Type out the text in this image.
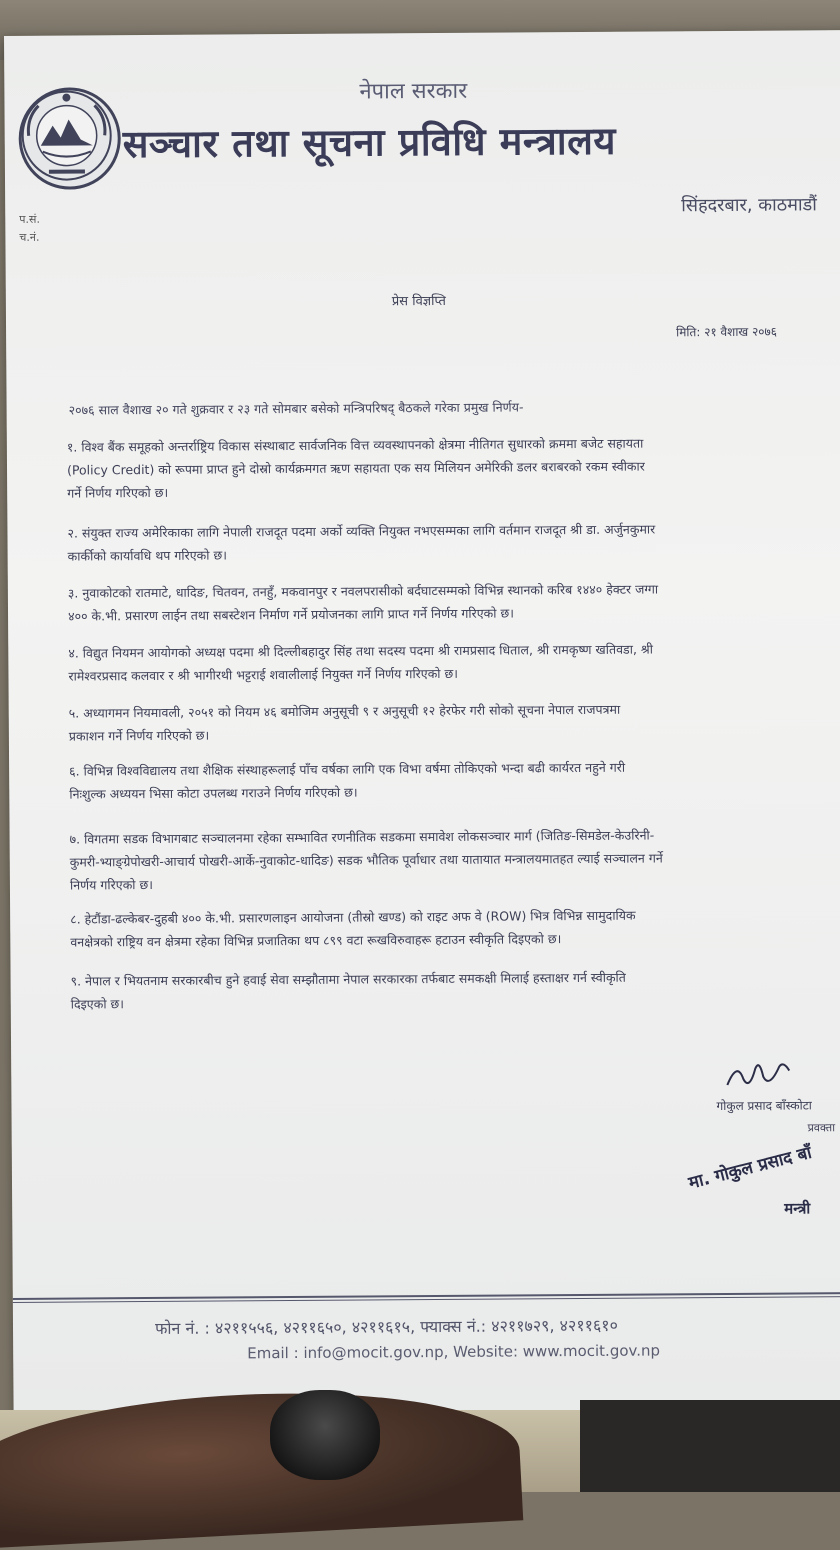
नेपाल सरकार
सञ्चार तथा सूचना प्रविधि मन्त्रालय
प.सं.
च.नं.
सिंहदरबार, काठमाडौं
प्रेस विज्ञप्ति
मिति: २१ वैशाख २०७६
२०७६ साल वैशाख २० गते शुक्रवार र २३ गते सोमबार बसेको मन्त्रिपरिषद् बैठकले गरेका प्रमुख निर्णय-
१. विश्व बैंक समूहको अन्तर्राष्ट्रिय विकास संस्थाबाट सार्वजनिक वित्त व्यवस्थापनको क्षेत्रमा नीतिगत सुधारको क्रममा बजेट सहायता
(Policy Credit) को रूपमा प्राप्त हुने दोस्रो कार्यक्रमगत ऋण सहायता एक सय मिलियन अमेरिकी डलर बराबरको रकम स्वीकार
गर्ने निर्णय गरिएको छ।
२. संयुक्त राज्य अमेरिकाका लागि नेपाली राजदूत पदमा अर्को व्यक्ति नियुक्त नभएसम्मका लागि वर्तमान राजदूत श्री डा. अर्जुनकुमार
कार्कीको कार्यावधि थप गरिएको छ।
३. नुवाकोटको रातमाटे, धादिङ, चितवन, तनहुँ, मकवानपुर र नवलपरासीको बर्दघाटसम्मको विभिन्न स्थानको करिब १४४० हेक्टर जग्गा
४०० के.भी. प्रसारण लाईन तथा सबस्टेशन निर्माण गर्ने प्रयोजनका लागि प्राप्त गर्ने निर्णय गरिएको छ।
४. विद्युत नियमन आयोगको अध्यक्ष पदमा श्री दिल्लीबहादुर सिंह तथा सदस्य पदमा श्री रामप्रसाद धिताल, श्री रामकृष्ण खतिवडा, श्री
रामेश्वरप्रसाद कलवार र श्री भागीरथी भट्टराई शवालीलाई नियुक्त गर्ने निर्णय गरिएको छ।
५. अध्यागमन नियमावली, २०५१ को नियम ४६ बमोजिम अनुसूची ९ र अनुसूची १२ हेरफेर गरी सोको सूचना नेपाल राजपत्रमा
प्रकाशन गर्ने निर्णय गरिएको छ।
६. विभिन्न विश्वविद्यालय तथा शैक्षिक संस्थाहरूलाई पाँच वर्षका लागि एक विभा वर्षमा तोकिएको भन्दा बढी कार्यरत नहुने गरी
निःशुल्क अध्ययन भिसा कोटा उपलब्ध गराउने निर्णय गरिएको छ।
७. विगतमा सडक विभागबाट सञ्चालनमा रहेका सम्भावित रणनीतिक सडकमा समावेश लोकसञ्चार मार्ग (जितिङ-सिमडेल-केउरिनी-
कुमरी-भ्याङ्ग्रेपोखरी-आचार्य पोखरी-आर्के-नुवाकोट-धादिङ) सडक भौतिक पूर्वाधार तथा यातायात मन्त्रालयमातहत ल्याई सञ्चालन गर्ने
निर्णय गरिएको छ।
८. हेटौंडा-ढल्केबर-दुहबी ४०० के.भी. प्रसारणलाइन आयोजना (तीस्रो खण्ड) को राइट अफ वे (ROW) भित्र विभिन्न सामुदायिक
वनक्षेत्रको राष्ट्रिय वन क्षेत्रमा रहेका विभिन्न प्रजातिका थप ८९९ वटा रूखविरुवाहरू हटाउन स्वीकृति दिइएको छ।
९. नेपाल र भियतनाम सरकारबीच हुने हवाई सेवा सम्झौतामा नेपाल सरकारका तर्फबाट समकक्षी मिलाई हस्ताक्षर गर्न स्वीकृति
दिइएको छ।
गोकुल प्रसाद बाँस्कोटा
प्रवक्ता
मा. गोकुल प्रसाद बाँ
मन्त्री
फोन नं. : ४२११५५६, ४२११६५०, ४२११६१५, फ्याक्स नं.: ४२११७२९, ४२११६१०
Email : info@mocit.gov.np, Website: www.mocit.gov.np
